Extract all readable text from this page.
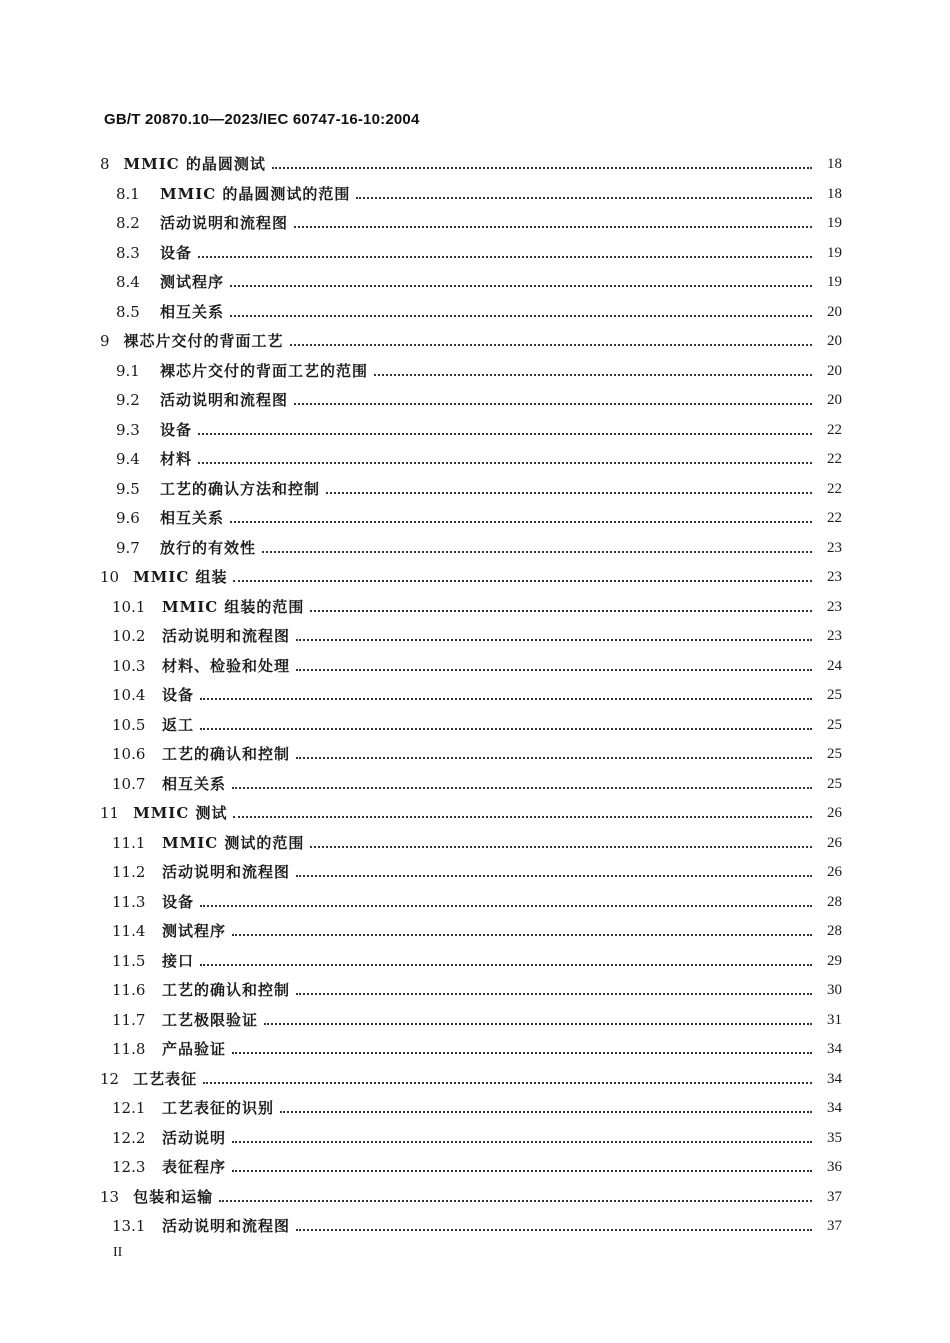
GB/T 20870.10—2023/IEC 60747-16-10:2004
8 MMIC 的晶圆测试	18
8.1	MMIC 的晶圆测试的范围	18
8.2	活动说明和流程图	19
8.3	设备	19
8.4	测试程序	19
8.5	相互关系	20
9 裸芯片交付的背面工艺	20
9.1	裸芯片交付的背面工艺的范围	20
9.2	活动说明和流程图	20
9.3	设备	22
9.4	材料	22
9.5	工艺的确认方法和控制	22
9.6	相互关系	22
9.7	放行的有效性	23
10 MMIC 组装	23
10.1 MMIC 组装的范围	23
10.2 活动说明和流程图	23
10.3 材料、检验和处理	24
10.4 设备	25
10.5 返工	25
10.6 工艺的确认和控制	25
10.7 相互关系	25
11 MMIC 测试	26
11.1 MMIC 测试的范围	26
11.2 活动说明和流程图	26
11.3 设备	28
11.4 测试程序	28
11.5 接口	29
11.6 工艺的确认和控制	30
11.7 工艺极限验证	31
11.8 产品验证	34
12 工艺表征	34
12.1 工艺表征的识别	34
12.2 活动说明	35
12.3 表征程序	36
13 包装和运输	37
13.1 活动说明和流程图	37
II
